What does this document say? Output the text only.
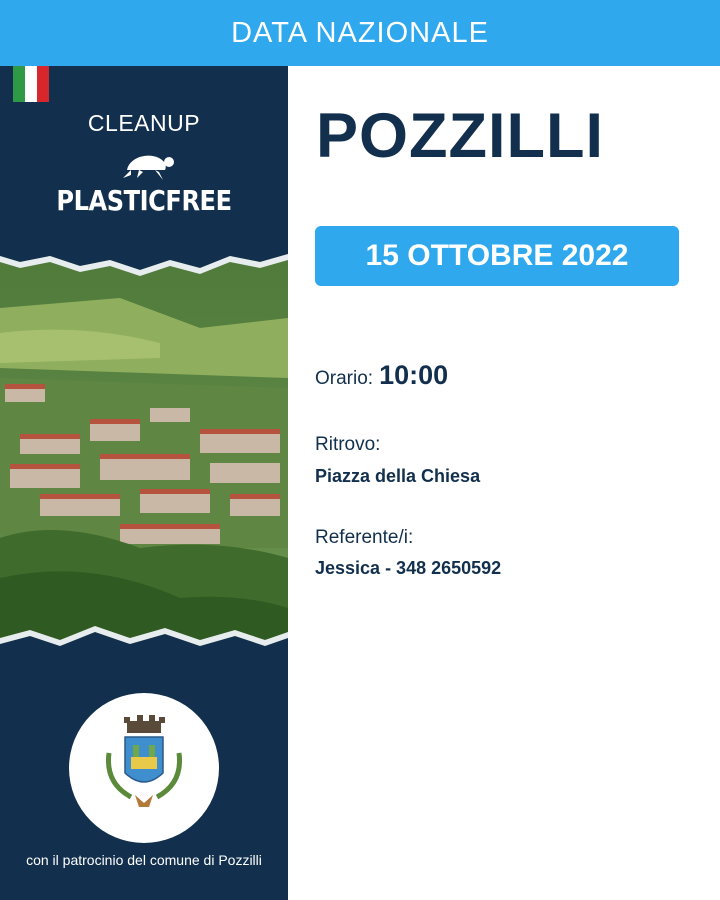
DATA NAZIONALE
CLEANUP
PLASTICFREE
con il patrocinio del comune di Pozzilli
POZZILLI
15 OTTOBRE 2022
Orario: 10:00
Ritrovo:
Piazza della Chiesa
Referente/i:
Jessica - 348 2650592
